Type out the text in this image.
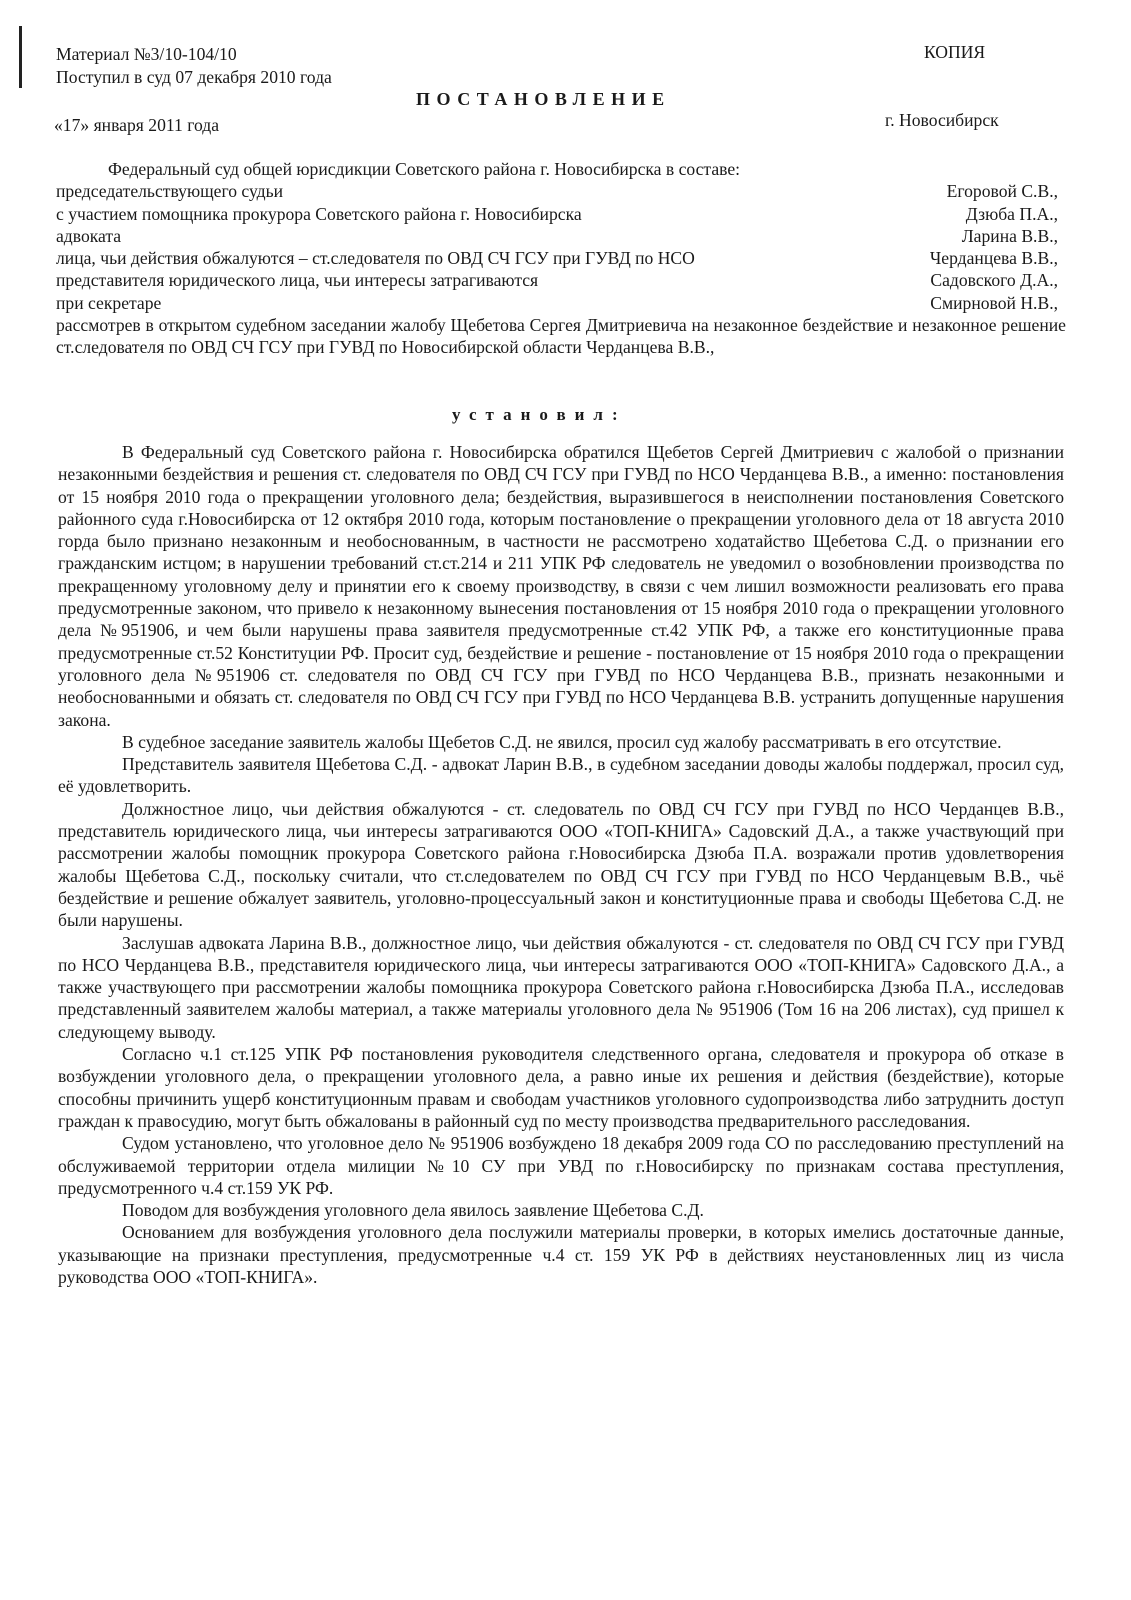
Материал №3/10-104/10
Поступил в суд 07 декабря 2010 года
КОПИЯ
ПОСТАНОВЛЕНИЕ
«17» января 2011 года	г. Новосибирск
Федеральный суд общей юрисдикции Советского района г. Новосибирска в составе:
председательствующего судьи	Егоровой С.В.,
с участием помощника прокурора Советского района г. Новосибирска	Дзюба П.А.,
адвоката	Ларина В.В.,
лица, чьи действия обжалуются – ст.следователя по ОВД СЧ ГСУ при ГУВД по НСО	Черданцева В.В.,
представителя юридического лица, чьи интересы затрагиваются	Садовского Д.А.,
при секретаре	Смирновой Н.В.,
рассмотрев в открытом судебном заседании жалобу Щебетова Сергея Дмитриевича на незаконное бездействие и незаконное решение ст.следователя по ОВД СЧ ГСУ при ГУВД по Новосибирской области Черданцева В.В.,
установил:

В Федеральный суд Советского района г. Новосибирска обратился Щебетов Сергей Дмитриевич с жалобой о признании незаконными бездействия и решения ст. следователя по ОВД СЧ ГСУ при ГУВД по НСО Черданцева В.В., а именно: постановления от 15 ноября 2010 года о прекращении уголовного дела; бездействия, выразившегося в неисполнении постановления Советского районного суда г.Новосибирска от 12 октября 2010 года, которым постановление о прекращении уголовного дела от 18 августа 2010 горда было признано незаконным и необоснованным, в частности не рассмотрено ходатайство Щебетова С.Д. о признании его гражданским истцом; в нарушении требований ст.ст.214 и 211 УПК РФ следователь не уведомил о возобновлении производства по прекращенному уголовному делу и принятии его к своему производству, в связи с чем лишил возможности реализовать его права предусмотренные законом, что привело к незаконному вынесения постановления от 15 ноября 2010 года о прекращении уголовного дела №951906, и чем были нарушены права заявителя предусмотренные ст.42 УПК РФ, а также его конституционные права предусмотренные ст.52 Конституции РФ. Просит суд, бездействие и решение - постановление от 15 ноября 2010 года о прекращении уголовного дела №951906 ст. следователя по ОВД СЧ ГСУ при ГУВД по НСО Черданцева В.В., признать незаконными и необоснованными и обязать ст. следователя по ОВД СЧ ГСУ при ГУВД по НСО Черданцева В.В. устранить допущенные нарушения закона.

В судебное заседание заявитель жалобы Щебетов С.Д. не явился, просил суд жалобу рассматривать в его отсутствие.

Представитель заявителя Щебетова С.Д. - адвокат Ларин В.В., в судебном заседании доводы жалобы поддержал, просил суд, её удовлетворить.

Должностное лицо, чьи действия обжалуются - ст. следователь по ОВД СЧ ГСУ при ГУВД по НСО Черданцев В.В., представитель юридического лица, чьи интересы затрагиваются ООО «ТОП-КНИГА» Садовский Д.А., а также участвующий при рассмотрении жалобы помощник прокурора Советского района г.Новосибирска Дзюба П.А. возражали против удовлетворения жалобы Щебетова С.Д., поскольку считали, что ст.следователем по ОВД СЧ ГСУ при ГУВД по НСО Черданцевым В.В., чьё бездействие и решение обжалует заявитель, уголовно-процессуальный закон и конституционные права и свободы Щебетова С.Д. не были нарушены.

Заслушав адвоката Ларина В.В., должностное лицо, чьи действия обжалуются - ст. следователя по ОВД СЧ ГСУ при ГУВД по НСО Черданцева В.В., представителя юридического лица, чьи интересы затрагиваются ООО «ТОП-КНИГА» Садовского Д.А., а также участвующего при рассмотрении жалобы помощника прокурора Советского района г.Новосибирска Дзюба П.А., исследовав представленный заявителем жалобы материал, а также материалы уголовного дела № 951906 (Том 16 на 206 листах), суд пришел к следующему выводу.

Согласно ч.1 ст.125 УПК РФ постановления руководителя следственного органа, следователя и прокурора об отказе в возбуждении уголовного дела, о прекращении уголовного дела, а равно иные их решения и действия (бездействие), которые способны причинить ущерб конституционным правам и свободам участников уголовного судопроизводства либо затруднить доступ граждан к правосудию, могут быть обжалованы в районный суд по месту производства предварительного расследования.

Судом установлено, что уголовное дело № 951906 возбуждено 18 декабря 2009 года СО по расследованию преступлений на обслуживаемой территории отдела милиции №10 СУ при УВД по г.Новосибирску по признакам состава преступления, предусмотренного ч.4 ст.159 УК РФ.

Поводом для возбуждения уголовного дела явилось заявление Щебетова С.Д.

Основанием для возбуждения уголовного дела послужили материалы проверки, в которых имелись достаточные данные, указывающие на признаки преступления, предусмотренные ч.4 ст. 159 УК РФ в действиях неустановленных лиц из числа руководства ООО «ТОП-КНИГА».
